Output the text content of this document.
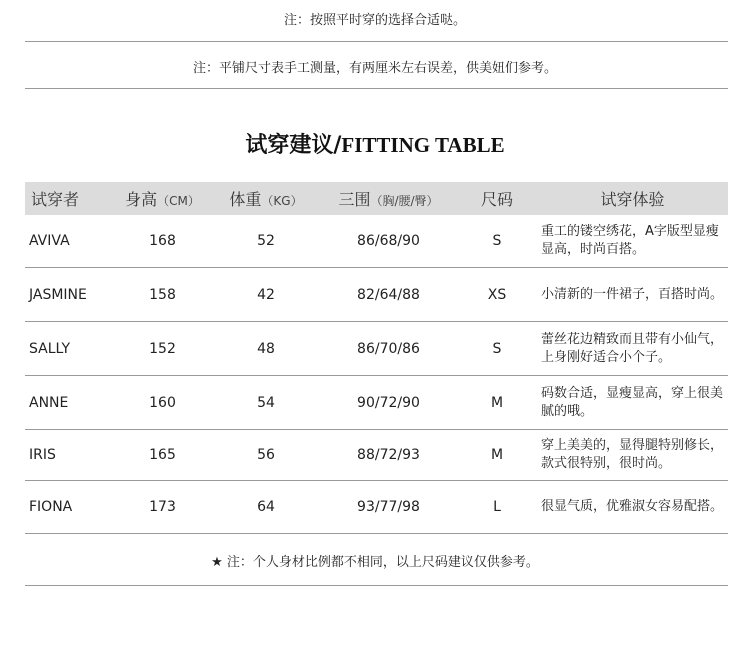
注：按照平时穿的选择合适哒。
注：平铺尺寸表手工测量，有两厘米左右误差，供美妞们参考。
试穿建议/FITTING TABLE
试穿者	身高（CM）	体重（KG）	三围（胸/腰/臀）	尺码	试穿体验
AVIVA	168	52	86/68/90	S	重工的镂空绣花，A字版型显瘦显高，时尚百搭。
JASMINE	158	42	82/64/88	XS	小清新的一件裙子，百搭时尚。
SALLY	152	48	86/70/86	S	蕾丝花边精致而且带有小仙气，上身刚好适合小个子。
ANNE	160	54	90/72/90	M	码数合适，显瘦显高，穿上很美腻的哦。
IRIS	165	56	88/72/93	M	穿上美美的，显得腿特别修长，款式很特别，很时尚。
FIONA	173	64	93/77/98	L	很显气质，优雅淑女容易配搭。
★ 注：个人身材比例都不相同，以上尺码建议仅供参考。
